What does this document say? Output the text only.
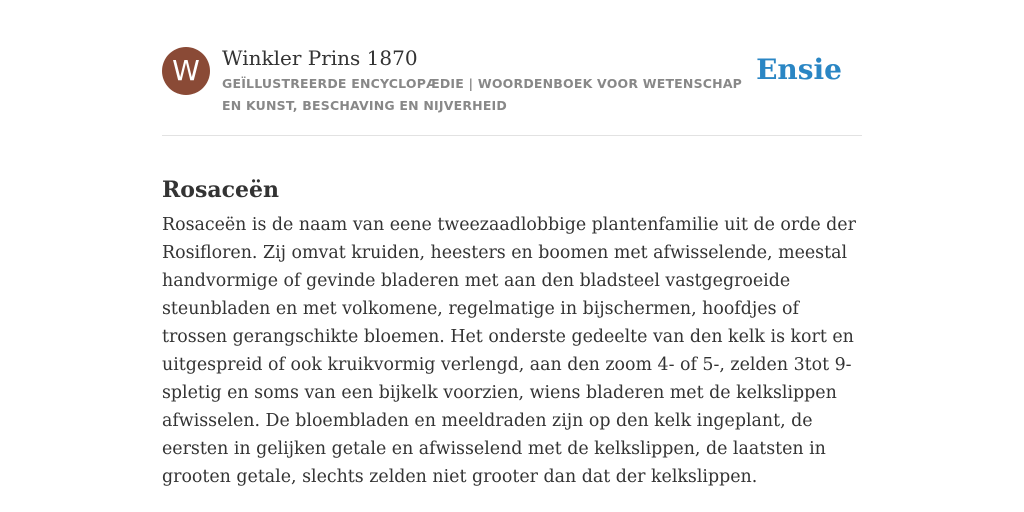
W	Winkler Prins 1870
GEÏLLUSTREERDE ENCYCLOPÆDIE | WOORDENBOEK VOOR WETENSCHAP EN KUNST, BESCHAVING EN NIJVERHEID
Ensie
Rosaceën

Rosaceën is de naam van eene tweezaadlobbige plantenfamilie uit de orde der Rosifloren. Zij omvat kruiden, heesters en boomen met afwisselende, meestal handvormige of gevinde bladeren met aan den bladsteel vastgegroeide steunbladen en met volkomene, regelmatige in bijschermen, hoofdjes of trossen gerangschikte bloemen. Het onderste gedeelte van den kelk is kort en uitgespreid of ook kruikvormig verlengd, aan den zoom 4- of 5-, zelden 3tot 9-spletig en soms van een bijkelk voorzien, wiens bladeren met de kelkslippen afwisselen. De bloembladen en meeldraden zijn op den kelk ingeplant, de eersten in gelijken getale en afwisselend met de kelkslippen, de laatsten in grooten getale, slechts zelden niet grooter dan dat der kelkslippen.
